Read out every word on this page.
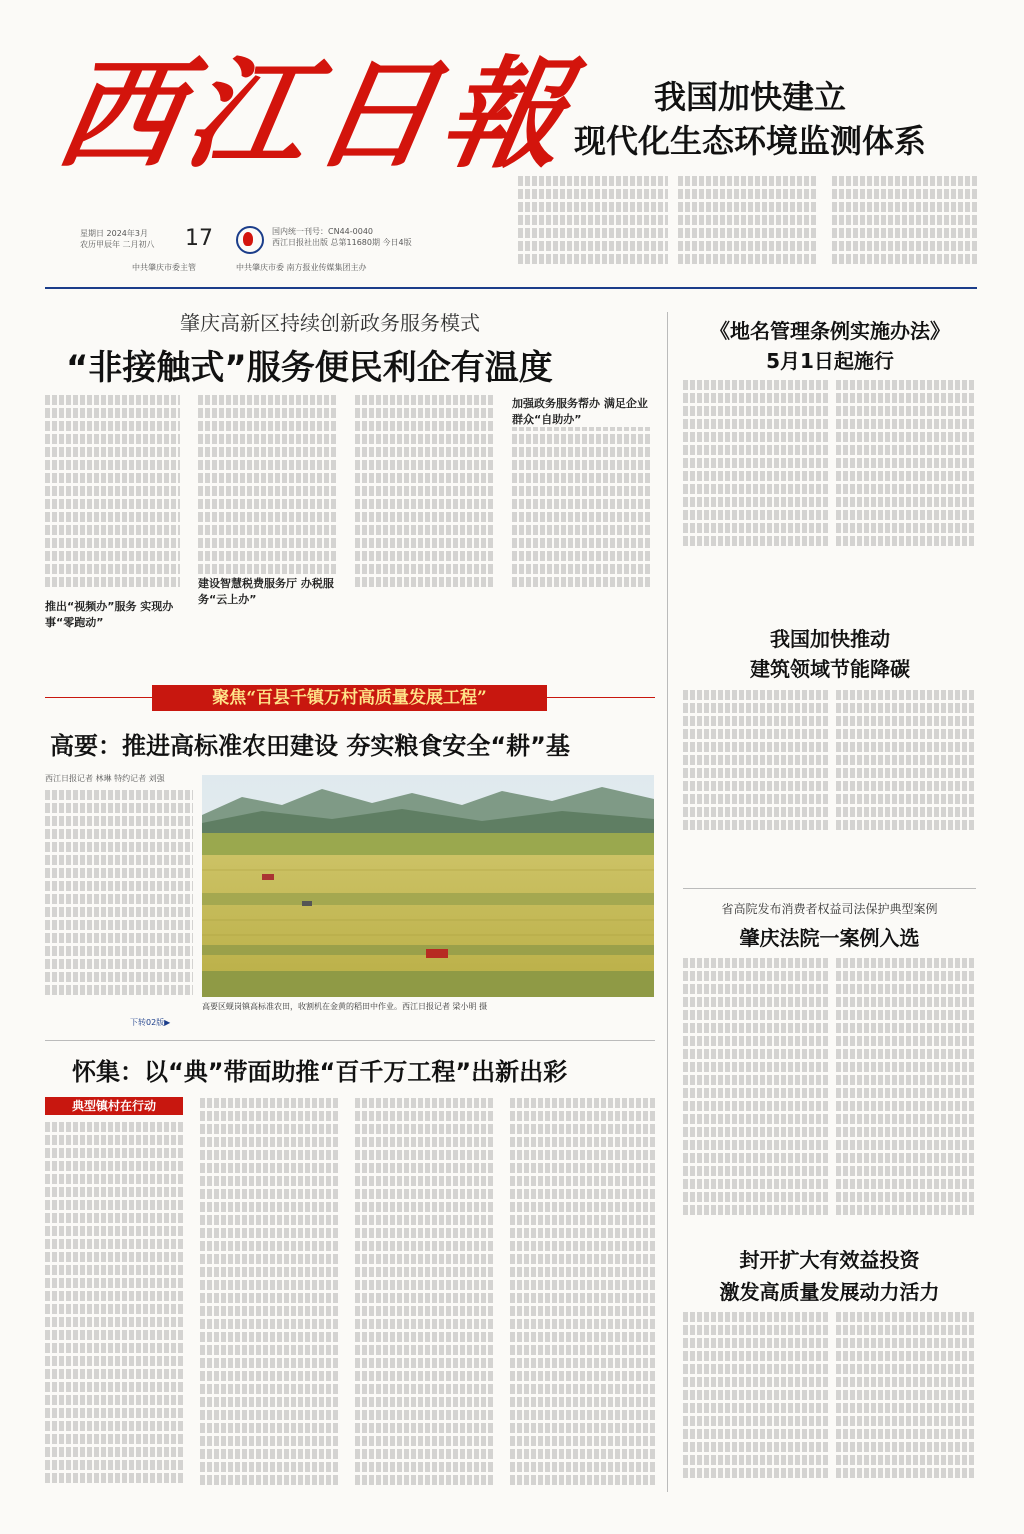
西江日報
星期日 2024年3月
农历甲辰年 二月初八	17	国内统一刊号：CN44-0040
西江日报社出版 总第11680期 今日4版
中共肇庆市委主管	中共肇庆市委 南方报业传媒集团主办
我国加快建立
现代化生态环境监测体系
肇庆高新区持续创新政务服务模式
“非接触式”服务便民利企有温度
推出“视频办”服务 实现办事“零跑动”
建设智慧税费服务厅 办税服务“云上办”
加强政务服务帮办 满足企业群众“自助办”
《地名管理条例实施办法》
5月1日起施行
我国加快推动
建筑领域节能降碳
省高院发布消费者权益司法保护典型案例
肇庆法院一案例入选
封开扩大有效益投资
激发高质量发展动力活力
聚焦“百县千镇万村高质量发展工程”
高要：推进高标准农田建设 夯实粮食安全“耕”基
西江日报记者 林琳 特约记者 刘强
高要区蚬岗镇高标准农田，收割机在金黄的稻田中作业。西江日报记者 梁小明 摄
下转02版▶
怀集：以“典”带面助推“百千万工程”出新出彩
典型镇村在行动
